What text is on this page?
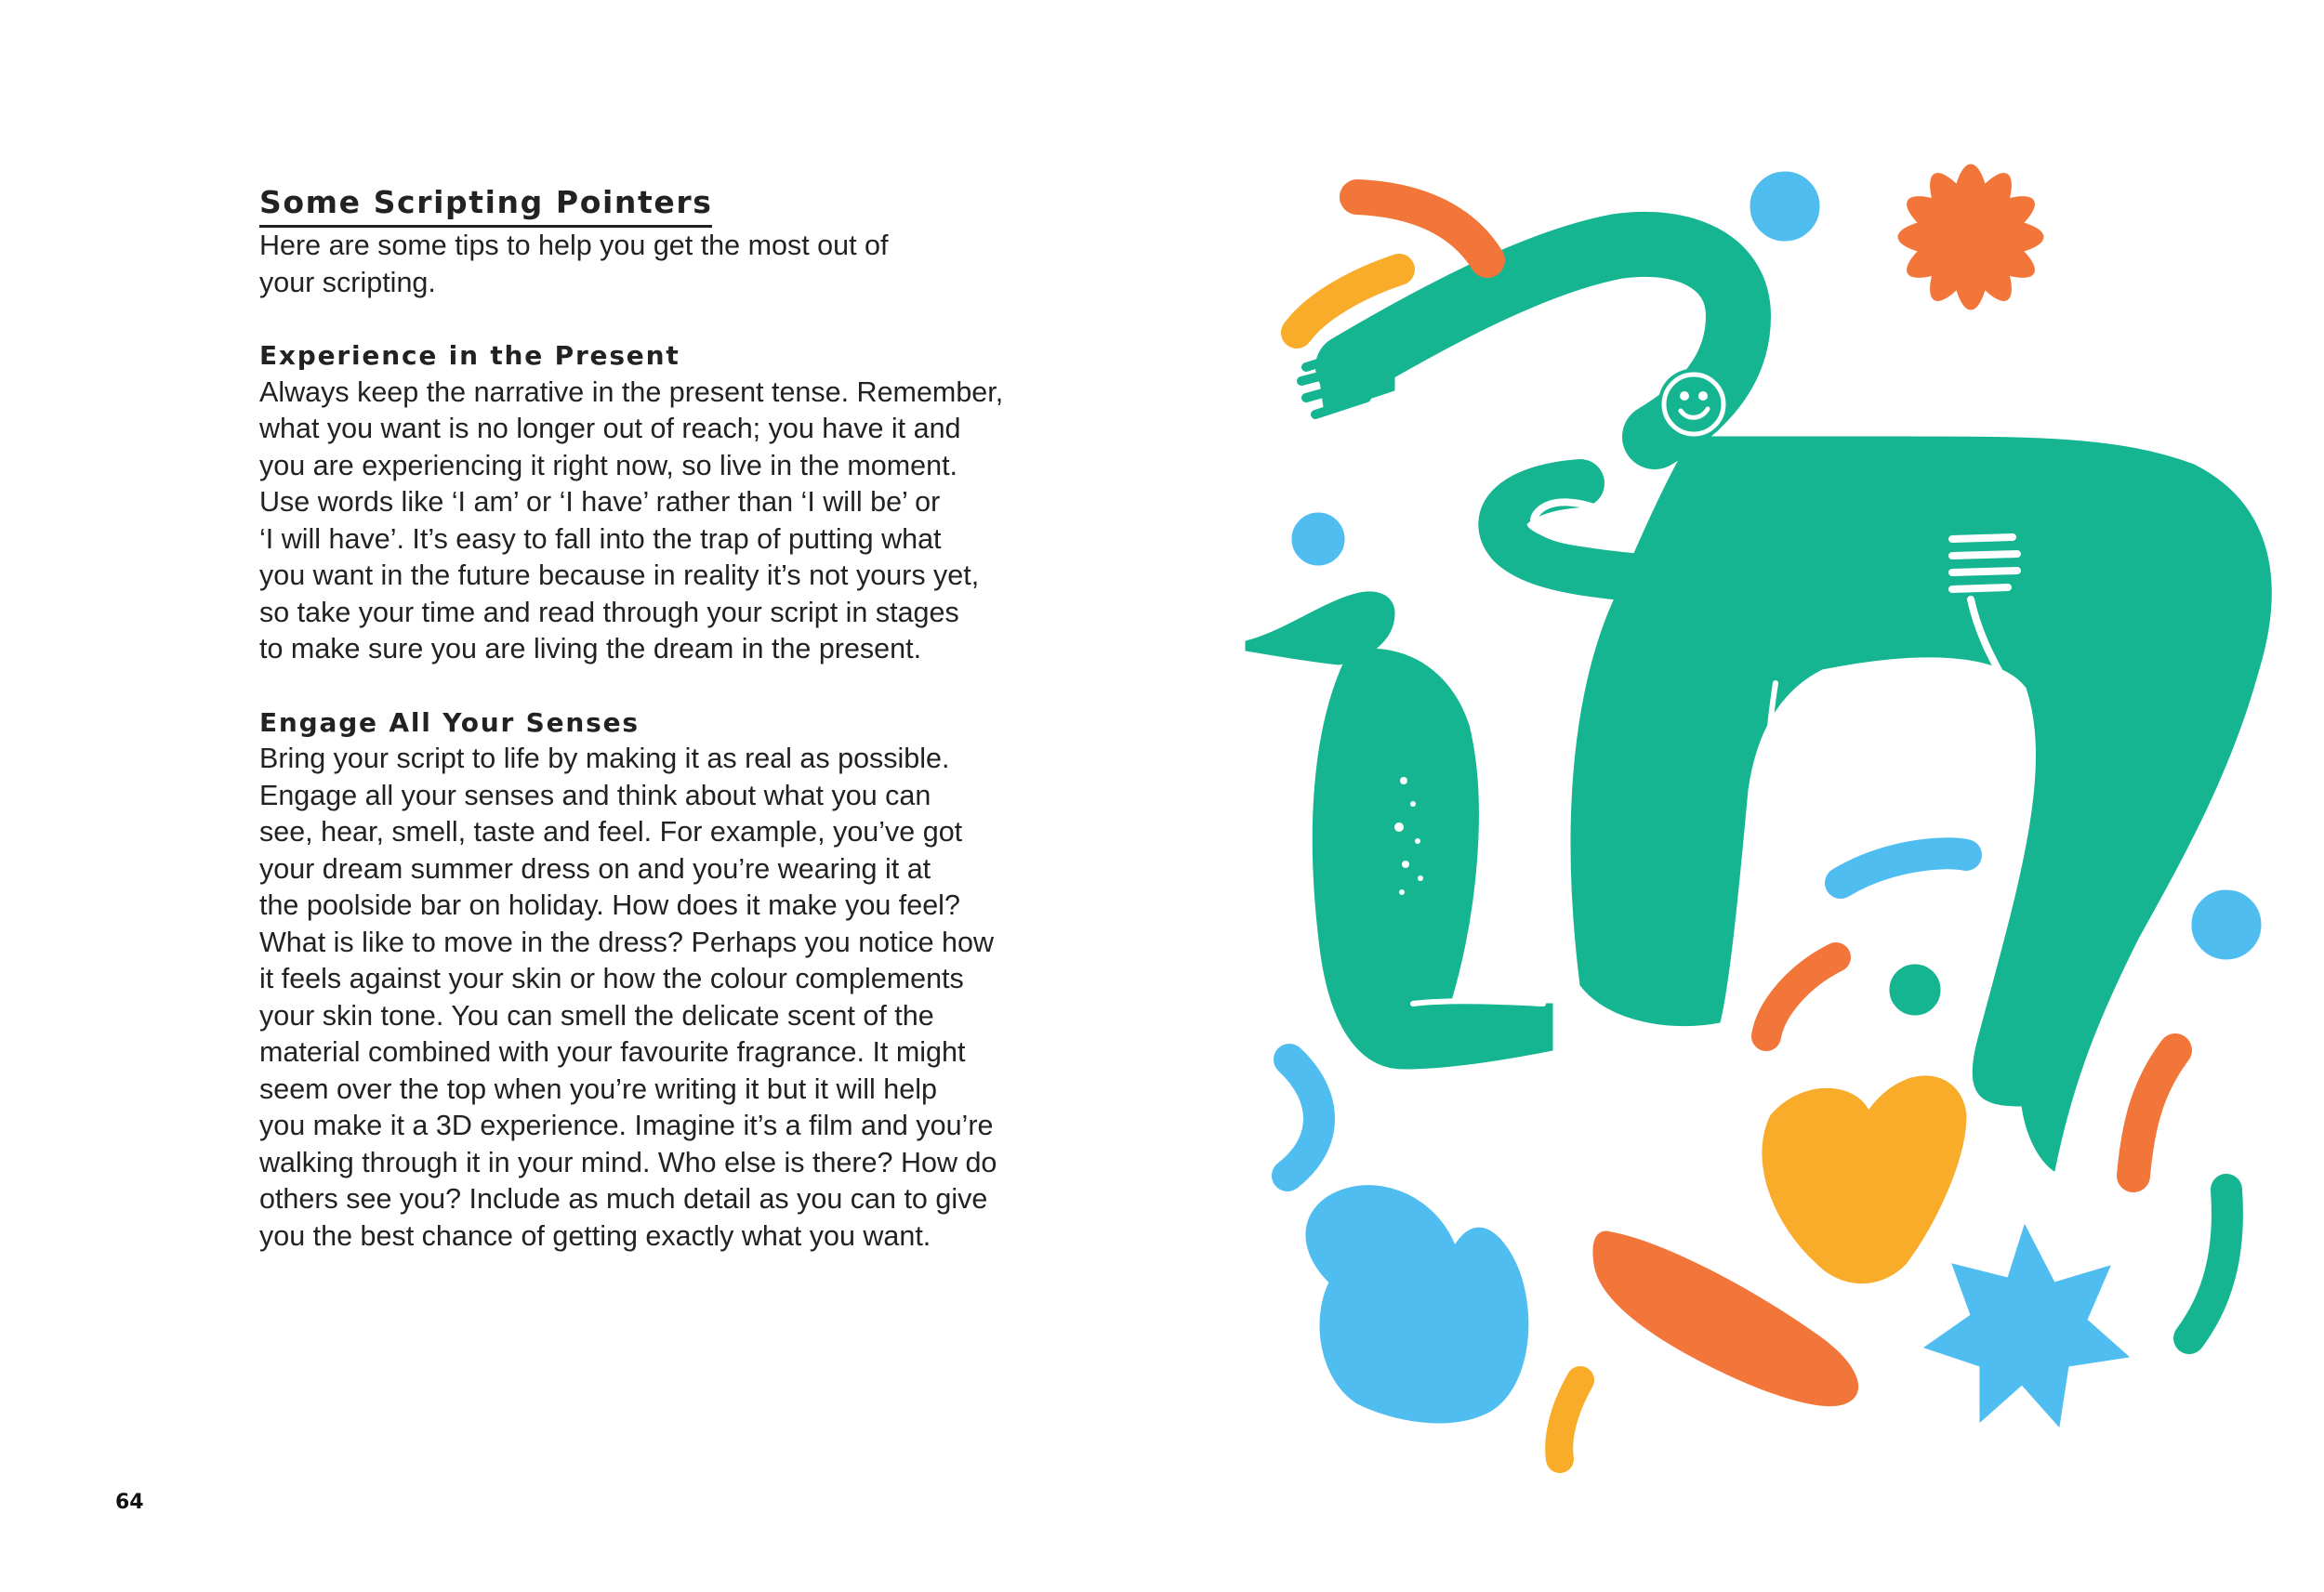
Some Scripting Pointers

Here are some tips to help you get the most out of
your scripting.

Experience in the Present

Always keep the narrative in the present tense. Remember,
what you want is no longer out of reach; you have it and
you are experiencing it right now, so live in the moment.
Use words like ‘I am’ or ‘I have’ rather than ‘I will be’ or
‘I will have’. It’s easy to fall into the trap of putting what
you want in the future because in reality it’s not yours yet,
so take your time and read through your script in stages
to make sure you are living the dream in the present.

Engage All Your Senses

Bring your script to life by making it as real as possible.
Engage all your senses and think about what you can
see, hear, smell, taste and feel. For example, you’ve got
your dream summer dress on and you’re wearing it at
the poolside bar on holiday. How does it make you feel?
What is like to move in the dress? Perhaps you notice how
it feels against your skin or how the colour complements
your skin tone. You can smell the delicate scent of the
material combined with your favourite fragrance. It might
seem over the top when you’re writing it but it will help
you make it a 3D experience. Imagine it’s a film and you’re
walking through it in your mind. Who else is there? How do
others see you? Include as much detail as you can to give
you the best chance of getting exactly what you want.

64
